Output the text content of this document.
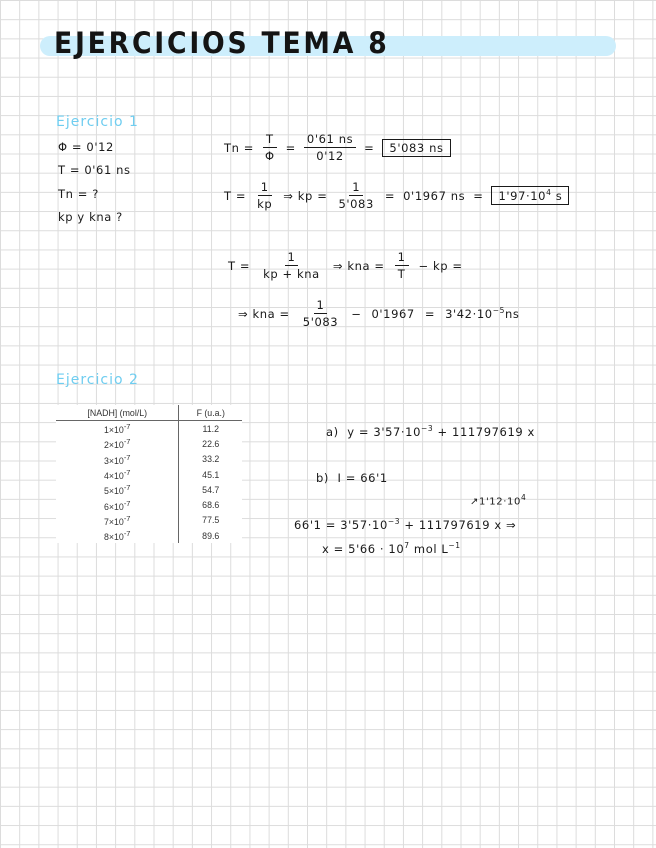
EJERCICIOS TEMA 8
Ejercicio 1
Φ = 0'12
T = 0'61 ns
Tn = ?
kp y kna ?
$Tn = \frac{T}{\Phi} = \frac{0'61 ns}{0'12}$ =	5'083 ns
$T = \frac{1}{kp}$ ⇒ kp = $\frac{1}{5'083} = 0'1967$ ns =	$1'97\cdot 10^4$ s
$T = \frac{1}{\text{kp + kna}}$ ⇒ kna = $\frac{1}{T}$ − kp =
⇒ kna = $\frac{1}{5'083} - 0'1967 = 3'42\cdot 10^{-5}ns$
Ejercicio 2
[NADH] (mol/L)	F (u.a.)
$1\times 10^{-7}$	11.2
$2\times 10^{-7}$	22.6
$3\times 10^{-7}$	33.2
$4\times 10^{-7}$	45.1
$5\times 10^{-7}$	54.7
$6\times 10^{-7}$	68.6
$7\times 10^{-7}$	77.5
$8\times 10^{-7}$	89.6
a) $y = 3'57\cdot 10^{-3} + 111797619$ x
b) I = 66'1
$↗1'12\cdot 10^4$
$66'1 = 3'57\cdot 10^{-3} + 111797619$ x ⇒
$x = 5'66 \cdot 10^7$ mol $L^{-1}$
